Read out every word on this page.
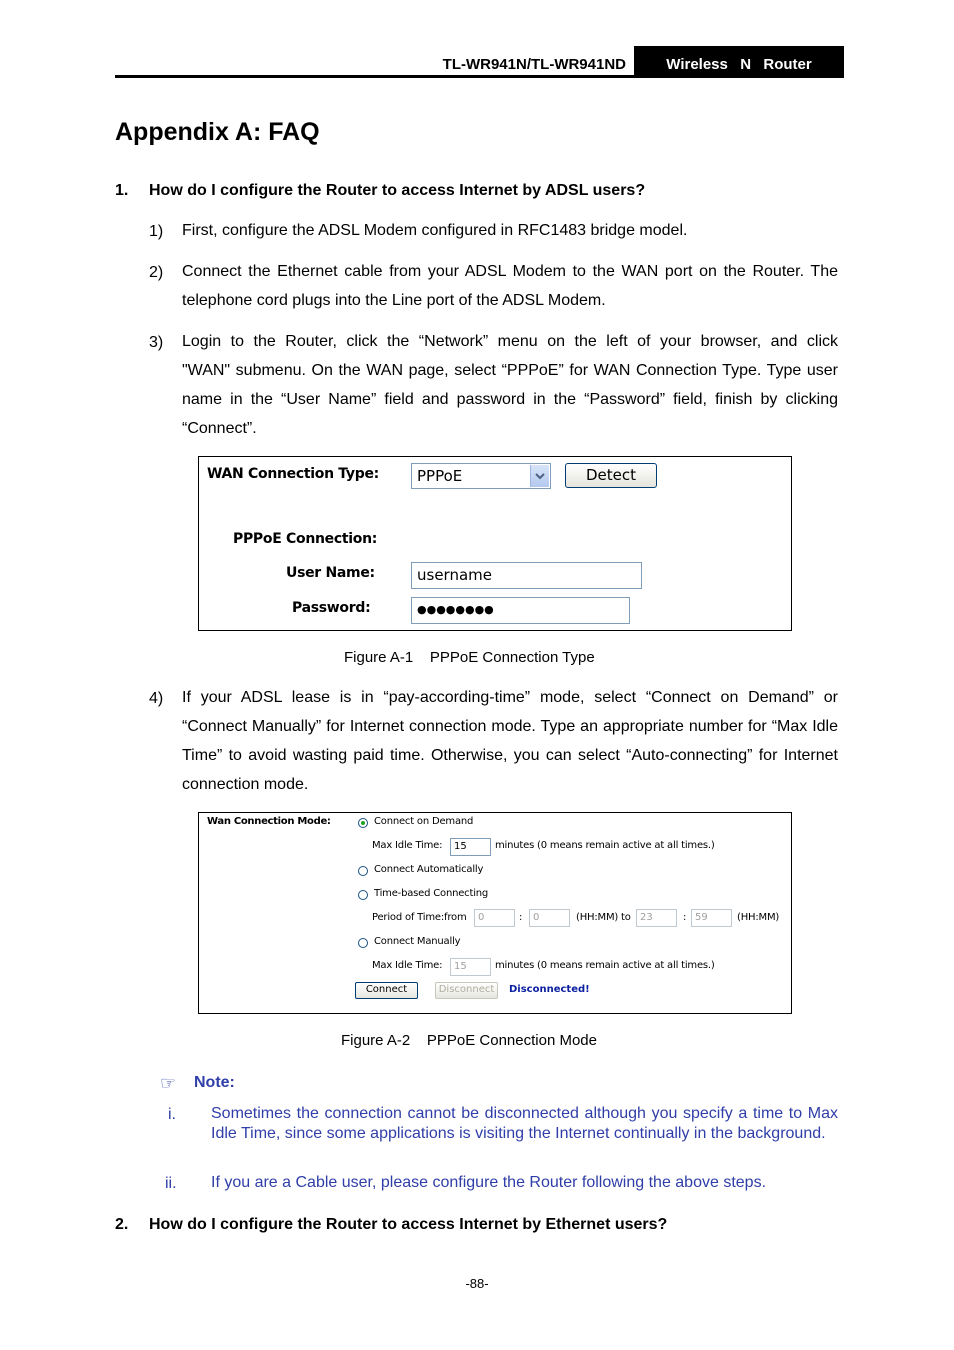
TL-WR941N/TL-WR941ND	Wireless  N  Router
Appendix A: FAQ
1. How do I configure the Router to access Internet by ADSL users?
1) First, configure the ADSL Modem configured in RFC1483 bridge model.
2) Connect the Ethernet cable from your ADSL Modem to the WAN port on the Router. The
telephone cord plugs into the Line port of the ADSL Modem.
3) Login to the Router, click the “Network” menu on the left of your browser, and click
"WAN" submenu. On the WAN page, select “PPPoE” for WAN Connection Type. Type user name in the “User Name” field and password in the “Password” field, finish by clicking “Connect”.
WAN Connection Type:	PPPoE	Detect
PPPoE Connection:
User Name:	username
Password:	●●●●●●●●
Figure A-1    PPPoE Connection Type
4) If your ADSL lease is in “pay-according-time” mode, select “Connect on Demand” or
“Connect Manually” for Internet connection mode. Type an appropriate number for “Max Idle Time” to avoid wasting paid time. Otherwise, you can select “Auto-connecting” for Internet connection mode.
Wan Connection Mode:	Connect on Demand
Max Idle Time:	15	minutes (0 means remain active at all times.)
Connect Automatically
Time-based Connecting
Period of Time:from	0	:	0	(HH:MM) to 23	: 59	(HH:MM)
Connect Manually
Max Idle Time:	15	minutes (0 means remain active at all times.)
Connect	Disconnect	Disconnected!
Figure A-2    PPPoE Connection Mode
☞ Note:
i. Sometimes the connection cannot be disconnected although you specify a time to Max Idle Time, since some applications is visiting the Internet continually in the background.
ii. If you are a Cable user, please configure the Router following the above steps.
2. How do I configure the Router to access Internet by Ethernet users?
-88-
